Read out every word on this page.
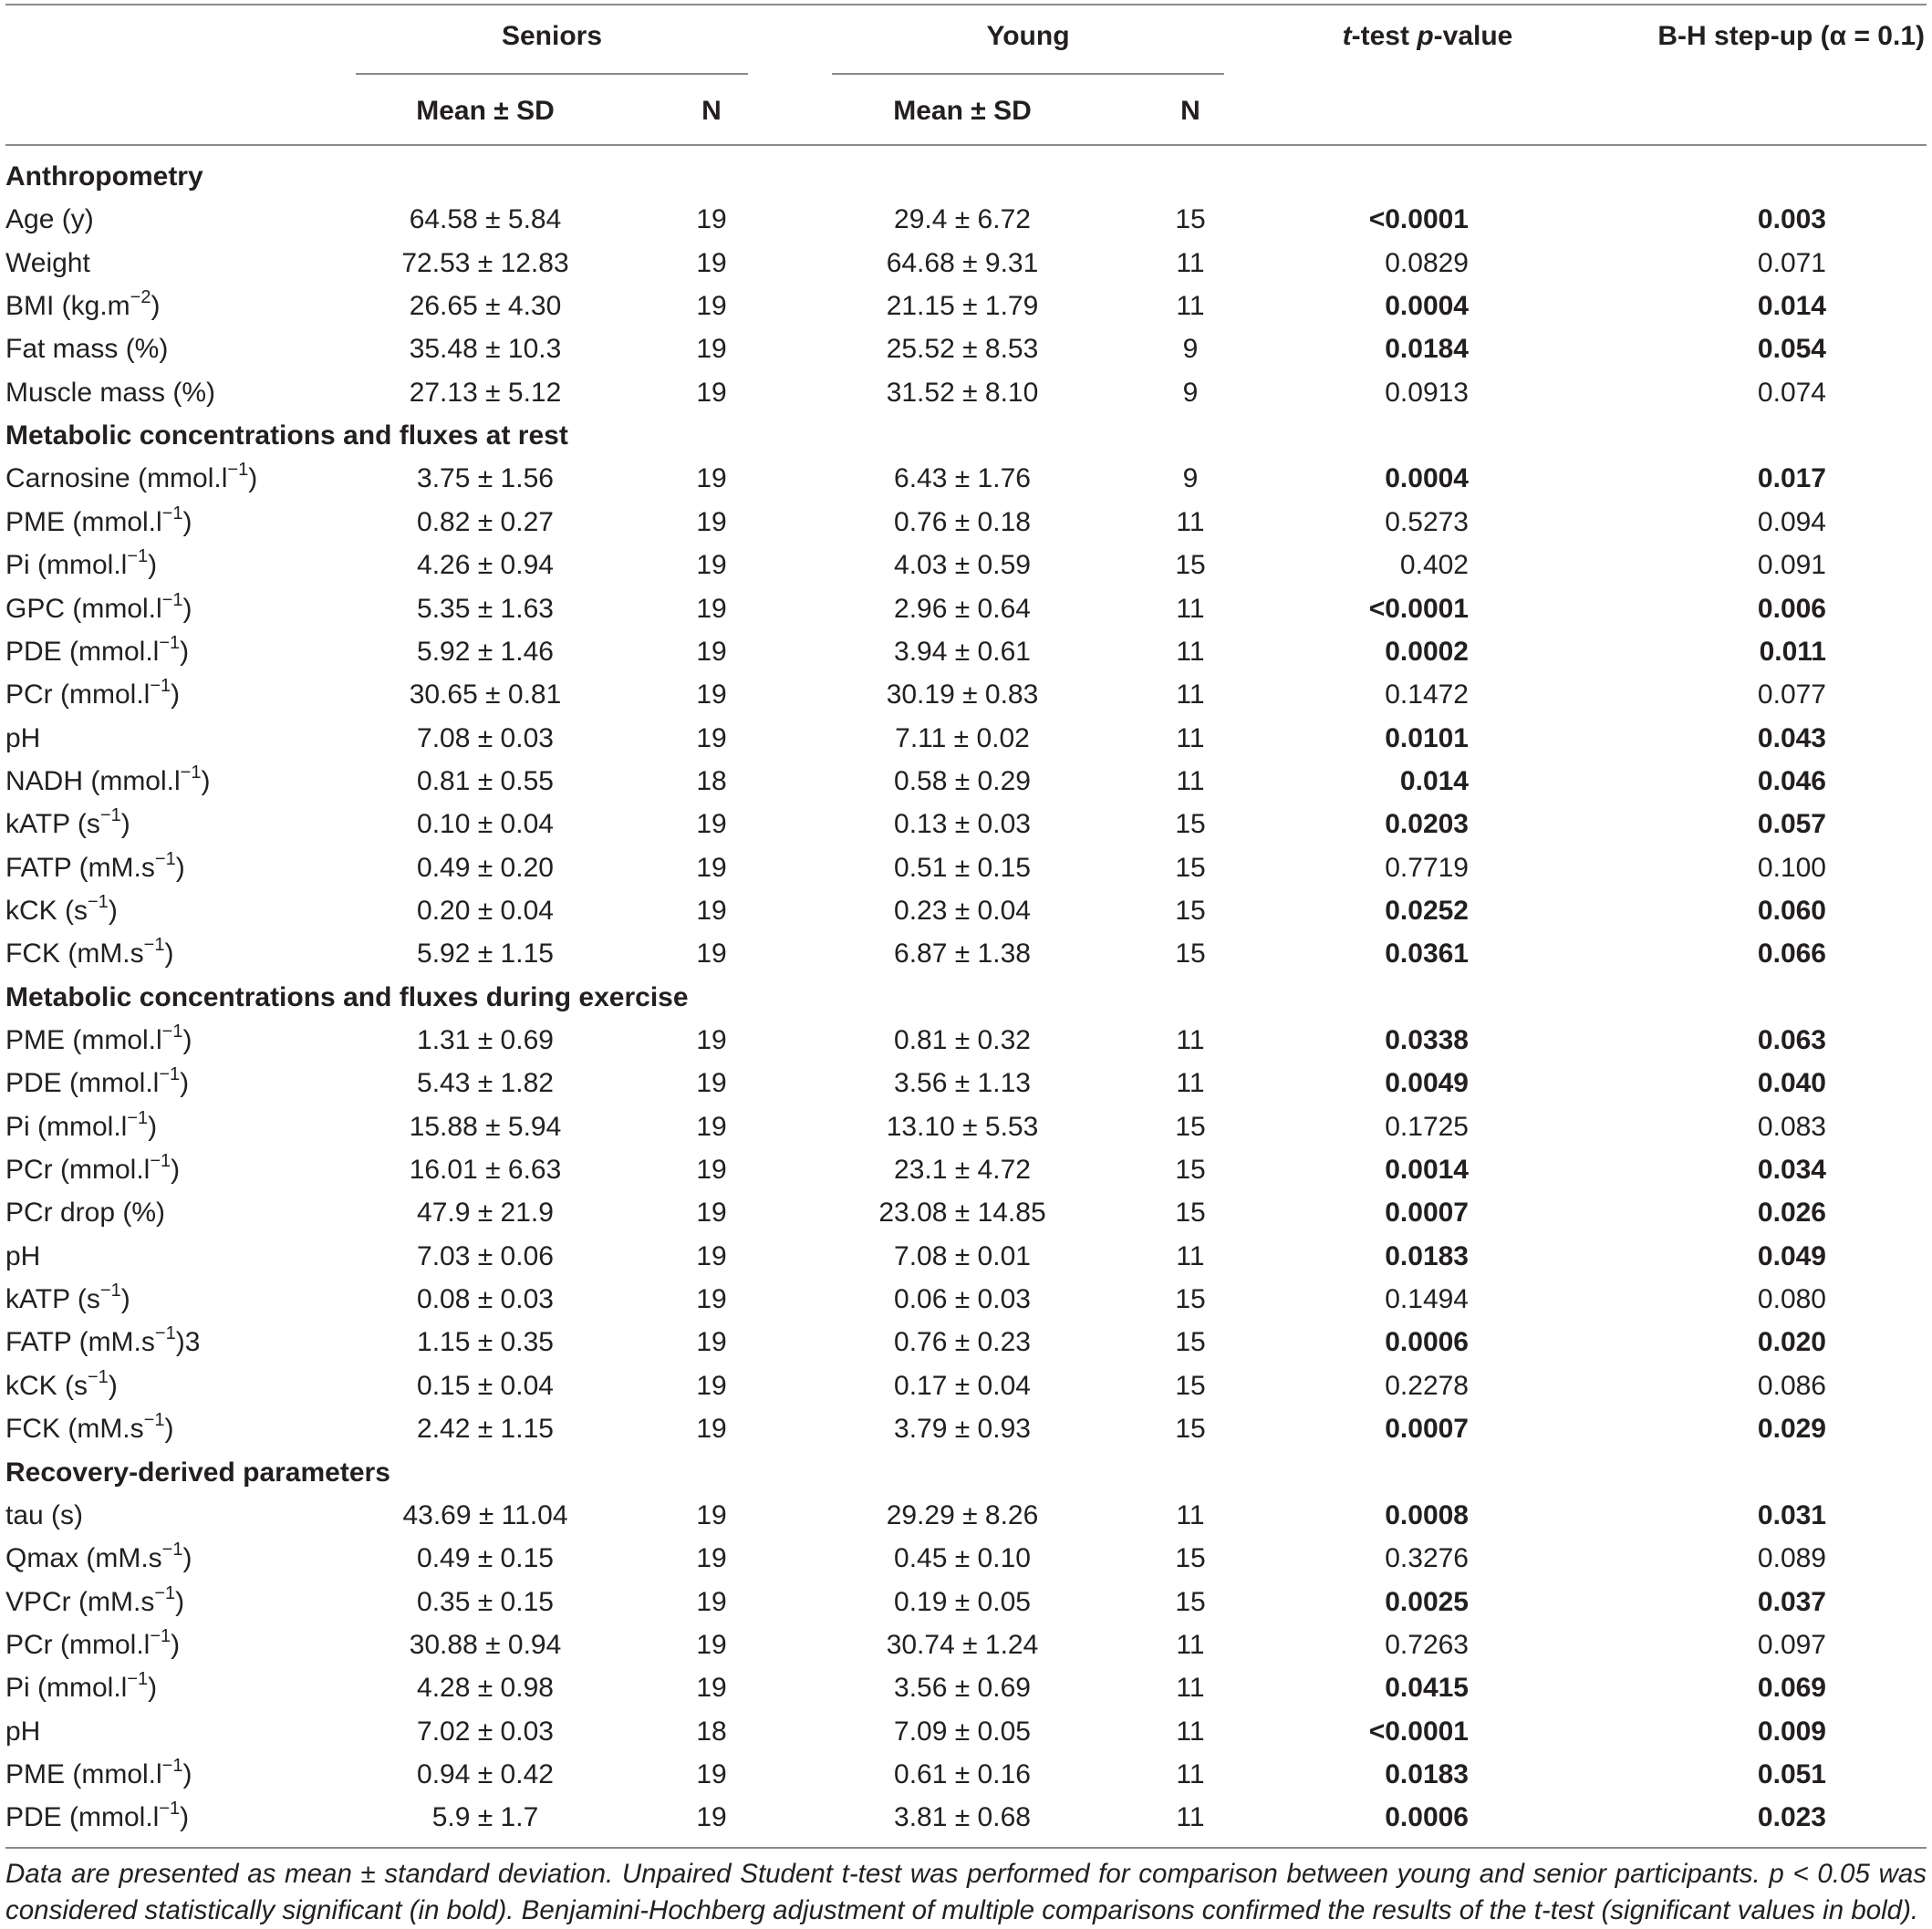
Seniors	Young	t-test p-value	B-H step-up (α = 0.1)
Mean ± SD	N	Mean ± SD	N
Anthropometry
Age (y)	64.58 ± 5.84	19	29.4 ± 6.72	15	<0.0001	0.003
Weight	72.53 ± 12.83	19	64.68 ± 9.31	11	0.0829	0.071
BMI $(kg.m^{-2})$	26.65 ± 4.30	19	21.15 ± 1.79	11	0.0004	0.014
Fat mass (%)	35.48 ± 10.3	19	25.52 ± 8.53	9	0.0184	0.054
Muscle mass (%)	27.13 ± 5.12	19	31.52 ± 8.10	9	0.0913	0.074
Metabolic concentrations and fluxes at rest
Carnosine $(mmol.l^{-1})$	3.75 ± 1.56	19	6.43 ± 1.76	9	0.0004	0.017
PME $(mmol.l^{-1})$	0.82 ± 0.27	19	0.76 ± 0.18	11	0.5273	0.094
Pi $(mmol.l^{-1})$	4.26 ± 0.94	19	4.03 ± 0.59	15	0.402	0.091
GPC $(mmol.l^{-1})$	5.35 ± 1.63	19	2.96 ± 0.64	11	<0.0001	0.006
PDE $(mmol.l^{-1})$	5.92 ± 1.46	19	3.94 ± 0.61	11	0.0002	0.011
PCr $(mmol.l^{-1})$	30.65 ± 0.81	19	30.19 ± 0.83	11	0.1472	0.077
pH	7.08 ± 0.03	19	7.11 ± 0.02	11	0.0101	0.043
NADH $(mmol.l^{-1})$	0.81 ± 0.55	18	0.58 ± 0.29	11	0.014	0.046
kATP $(s^{-1})$	0.10 ± 0.04	19	0.13 ± 0.03	15	0.0203	0.057
FATP $(mM.s^{-1})$	0.49 ± 0.20	19	0.51 ± 0.15	15	0.7719	0.100
kCK $(s^{-1})$	0.20 ± 0.04	19	0.23 ± 0.04	15	0.0252	0.060
FCK $(mM.s^{-1})$	5.92 ± 1.15	19	6.87 ± 1.38	15	0.0361	0.066
Metabolic concentrations and fluxes during exercise
PME $(mmol.l^{-1})$	1.31 ± 0.69	19	0.81 ± 0.32	11	0.0338	0.063
PDE $(mmol.l^{-1})$	5.43 ± 1.82	19	3.56 ± 1.13	11	0.0049	0.040
Pi $(mmol.l^{-1})$	15.88 ± 5.94	19	13.10 ± 5.53	15	0.1725	0.083
PCr $(mmol.l^{-1})$	16.01 ± 6.63	19	23.1 ± 4.72	15	0.0014	0.034
PCr drop (%)	47.9 ± 21.9	19	23.08 ± 14.85	15	0.0007	0.026
pH	7.03 ± 0.06	19	7.08 ± 0.01	11	0.0183	0.049
kATP $(s^{-1})$	0.08 ± 0.03	19	0.06 ± 0.03	15	0.1494	0.080
FATP $(mM.s^{-1})3$	1.15 ± 0.35	19	0.76 ± 0.23	15	0.0006	0.020
kCK $(s^{-1})$	0.15 ± 0.04	19	0.17 ± 0.04	15	0.2278	0.086
FCK $(mM.s^{-1})$	2.42 ± 1.15	19	3.79 ± 0.93	15	0.0007	0.029
Recovery-derived parameters
tau (s)	43.69 ± 11.04	19	29.29 ± 8.26	11	0.0008	0.031
Qmax $(mM.s^{-1})$	0.49 ± 0.15	19	0.45 ± 0.10	15	0.3276	0.089
VPCr $(mM.s^{-1})$	0.35 ± 0.15	19	0.19 ± 0.05	15	0.0025	0.037
PCr $(mmol.l^{-1})$	30.88 ± 0.94	19	30.74 ± 1.24	11	0.7263	0.097
Pi $(mmol.l^{-1})$	4.28 ± 0.98	19	3.56 ± 0.69	11	0.0415	0.069
pH	7.02 ± 0.03	18	7.09 ± 0.05	11	<0.0001	0.009
PME $(mmol.l^{-1})$	0.94 ± 0.42	19	0.61 ± 0.16	11	0.0183	0.051
PDE $(mmol.l^{-1})$	5.9 ± 1.7	19	3.81 ± 0.68	11	0.0006	0.023
Data are presented as mean ± standard deviation. Unpaired Student t-test was performed for comparison between young and senior participants. p < 0.05 was considered statistically significant (in bold). Benjamini-Hochberg adjustment of multiple comparisons confirmed the results of the t-test (significant values in bold).
